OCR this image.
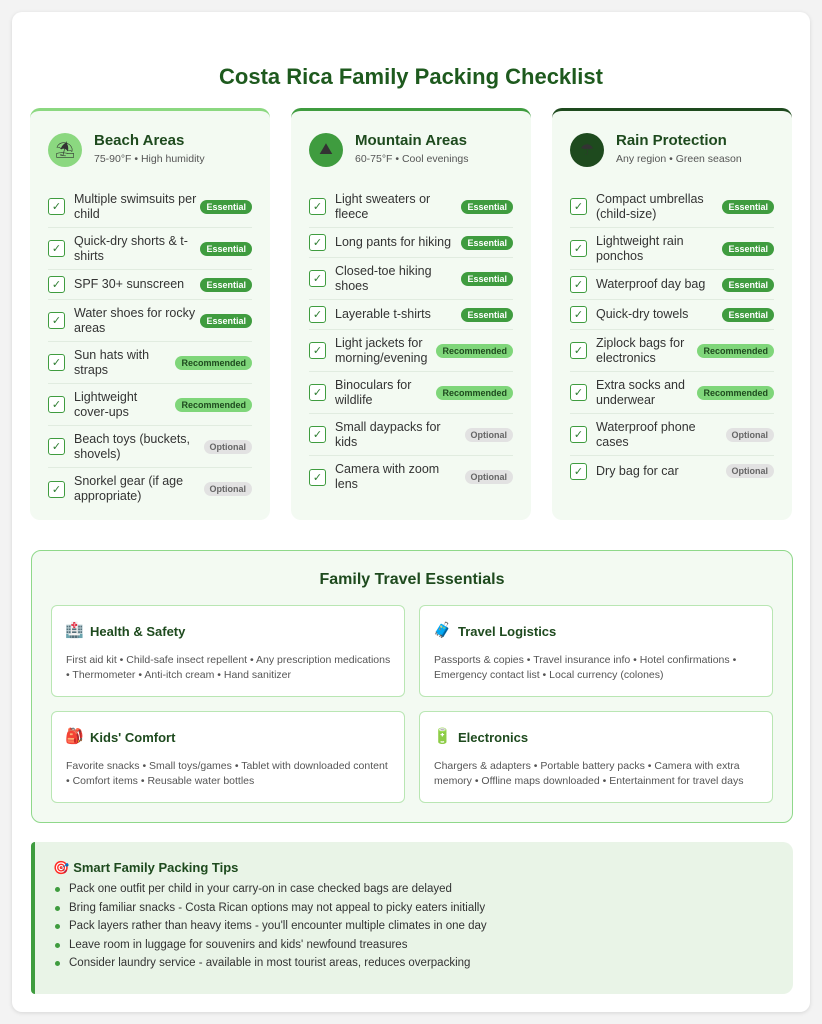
Costa Rica Family Packing Checklist
⛱
Beach Areas
75-90°F • High humidity
✓
Multiple swimsuits per child	Essential
✓
Quick-dry shorts & t-shirts	Essential
✓	SPF 30+ sunscreen	Essential
✓
Water shoes for rocky areas	Essential
✓
Sun hats with straps	Recommended
✓
Lightweight cover-ups	Recommended
✓
Beach toys (buckets, shovels)	Optional
✓
Snorkel gear (if age appropriate)	Optional
⛰
Mountain Areas
60-75°F • Cool evenings
✓
Light sweaters or fleece	Essential
✓	Long pants for hiking	Essential
✓
Closed-toe hiking shoes	Essential
✓	Layerable t-shirts	Essential
✓
Light jackets for morning/evening	Recommended
✓
Binoculars for wildlife	Recommended
✓
Small daypacks for kids	Optional
✓
Camera with zoom lens	Optional
☂
Rain Protection
Any region • Green season
✓
Compact umbrellas (child-size)	Essential
✓
Lightweight rain ponchos	Essential
✓	Waterproof day bag	Essential
✓	Quick-dry towels	Essential
✓
Ziplock bags for electronics	Recommended
✓
Extra socks and underwear	Recommended
✓
Waterproof phone cases	Optional
✓	Dry bag for car	Optional
Family Travel Essentials
🏥 Health & Safety
First aid kit • Child-safe insect repellent • Any prescription medications • Thermometer • Anti-itch cream • Hand sanitizer
🧳 Travel Logistics
Passports & copies • Travel insurance info • Hotel confirmations • Emergency contact list • Local currency (colones)
🎒 Kids' Comfort
Favorite snacks • Small toys/games • Tablet with downloaded content • Comfort items • Reusable water bottles
🔋 Electronics
Chargers & adapters • Portable battery packs • Camera with extra memory • Offline maps downloaded • Entertainment for travel days
🎯 Smart Family Packing Tips
Pack one outfit per child in your carry-on in case checked bags are delayed
Bring familiar snacks - Costa Rican options may not appeal to picky eaters initially
Pack layers rather than heavy items - you'll encounter multiple climates in one day
Leave room in luggage for souvenirs and kids' newfound treasures
Consider laundry service - available in most tourist areas, reduces overpacking
